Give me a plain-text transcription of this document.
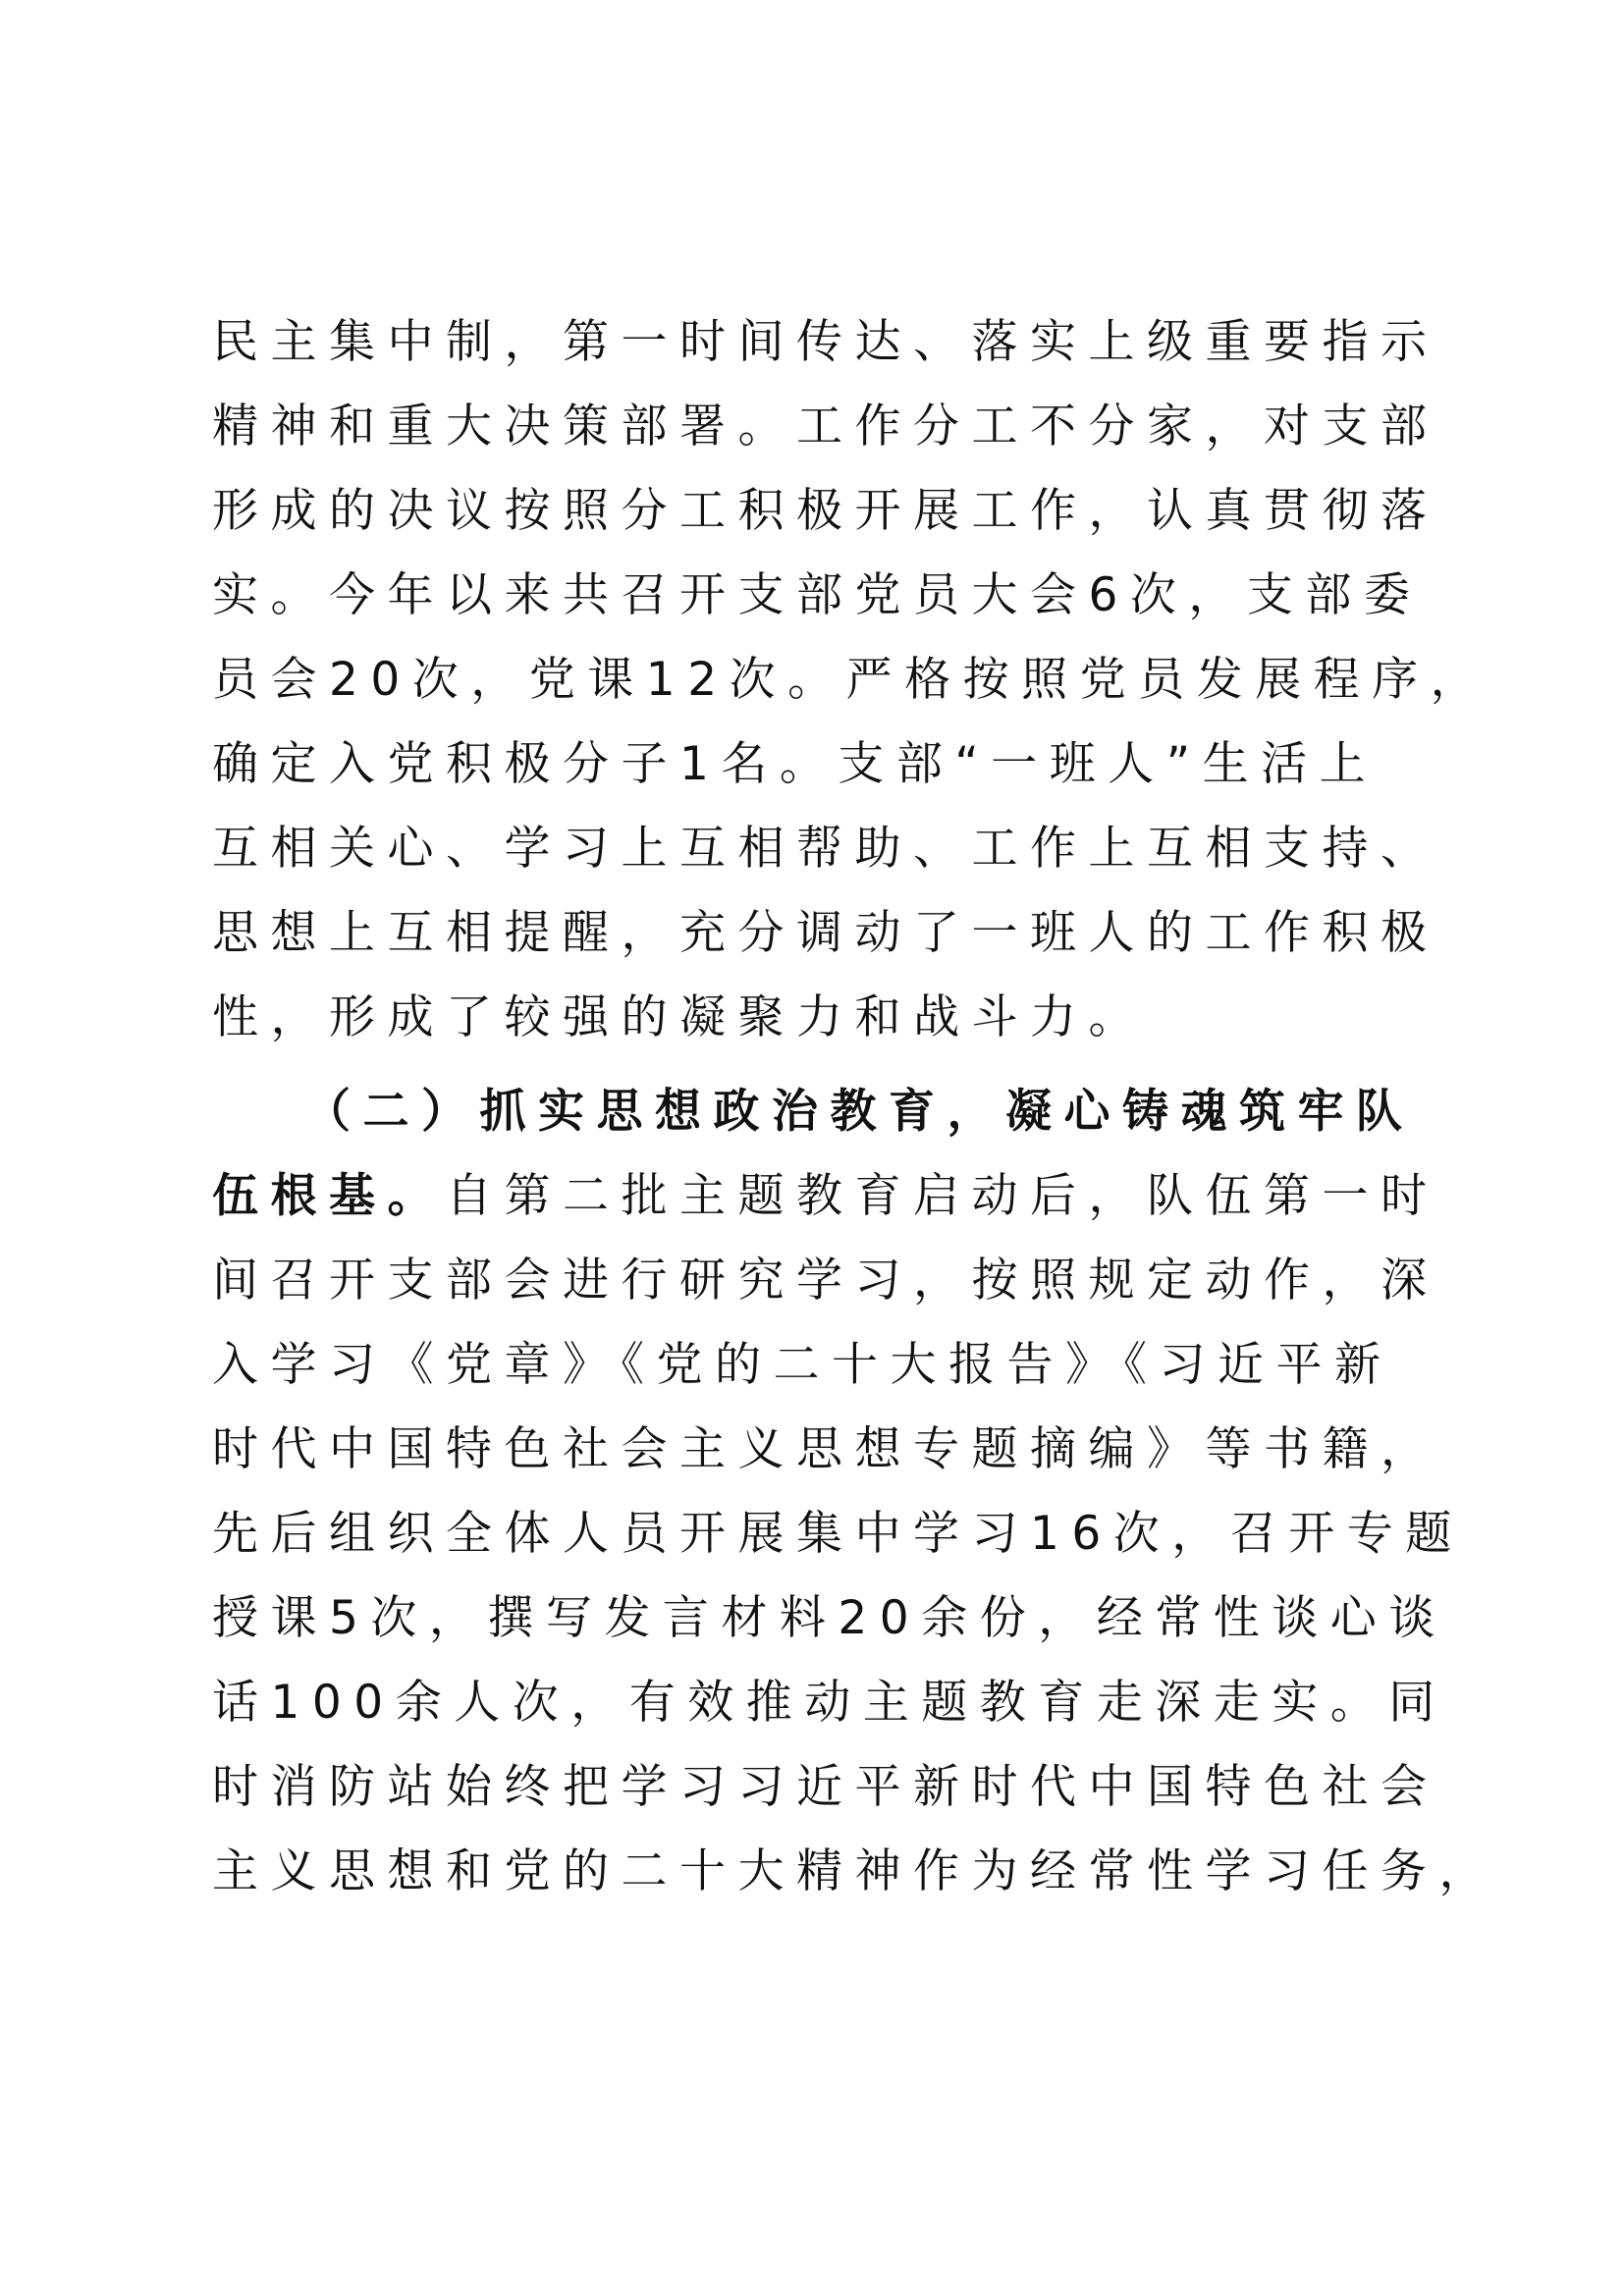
民主集中制，第一时间传达、落实上级重要指示
精神和重大决策部署。工作分工不分家，对支部
形成的决议按照分工积极开展工作，认真贯彻落
实。今年以来共召开支部党员大会6次，支部委
员会20次，党课12次。严格按照党员发展程序，
确定入党积极分子1名。支部“一班人”生活上
互相关心、学习上互相帮助、工作上互相支持、
思想上互相提醒，充分调动了一班人的工作积极
性，形成了较强的凝聚力和战斗力。
（二）抓实思想政治教育，凝心铸魂筑牢队
伍根基。自第二批主题教育启动后，队伍第一时
间召开支部会进行研究学习，按照规定动作，深
入学习《党章》《党的二十大报告》《习近平新
时代中国特色社会主义思想专题摘编》等书籍，
先后组织全体人员开展集中学习16次，召开专题
授课5次，撰写发言材料20余份，经常性谈心谈
话100余人次，有效推动主题教育走深走实。同
时消防站始终把学习习近平新时代中国特色社会
主义思想和党的二十大精神作为经常性学习任务，
